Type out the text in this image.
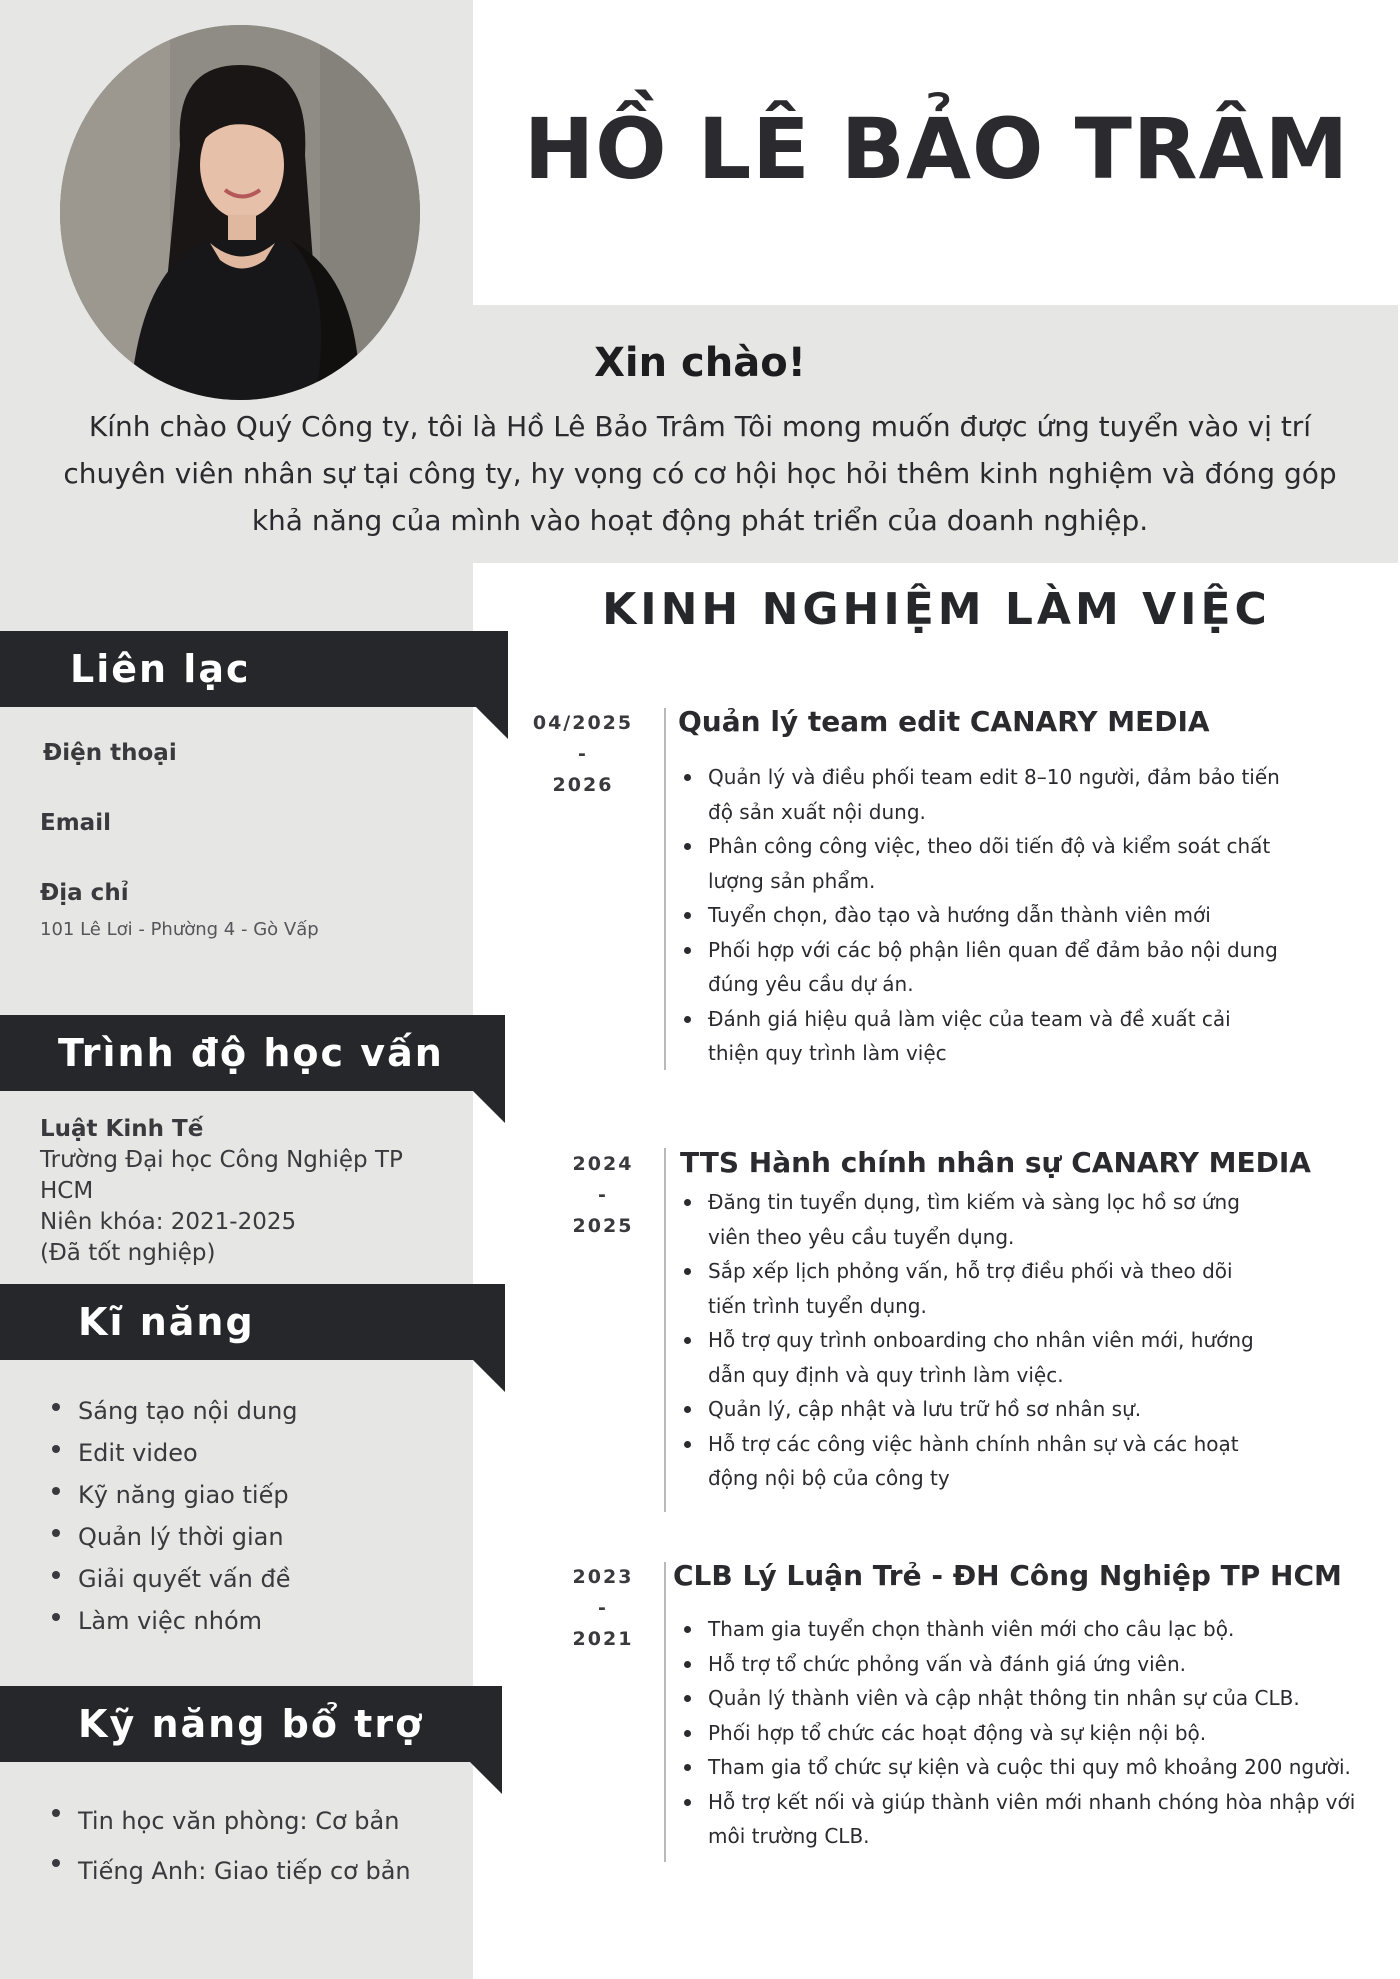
HỒ LÊ BẢO TRÂM
Xin chào!
Kính chào Quý Công ty, tôi là Hồ Lê Bảo Trâm Tôi mong muốn được ứng tuyển vào vị trí chuyên viên nhân sự tại công ty, hy vọng có cơ hội học hỏi thêm kinh nghiệm và đóng góp khả năng của mình vào hoạt động phát triển của doanh nghiệp.
Liên lạc
Điện thoại
Email
Địa chỉ
101 Lê Lơi - Phường 4 - Gò Vấp
Trình độ học vấn
Luật Kinh Tế
Trường Đại học Công Nghiệp TP HCM
Niên khóa: 2021-2025
(Đã tốt nghiệp)
Kĩ năng
Sáng tạo nội dung
Edit video
Kỹ năng giao tiếp
Quản lý thời gian
Giải quyết vấn đề
Làm việc nhóm
Kỹ năng bổ trợ
Tin học văn phòng: Cơ bản
Tiếng Anh: Giao tiếp cơ bản
KINH NGHIỆM LÀM VIỆC
04/2025
-
2026
Quản lý team edit CANARY MEDIA
Quản lý và điều phối team edit 8–10 người, đảm bảo tiến độ sản xuất nội dung.
Phân công công việc, theo dõi tiến độ và kiểm soát chất lượng sản phẩm.
Tuyển chọn, đào tạo và hướng dẫn thành viên mới
Phối hợp với các bộ phận liên quan để đảm bảo nội dung đúng yêu cầu dự án.
Đánh giá hiệu quả làm việc của team và đề xuất cải thiện quy trình làm việc
2024
-
2025
TTS Hành chính nhân sự CANARY MEDIA
Đăng tin tuyển dụng, tìm kiếm và sàng lọc hồ sơ ứng viên theo yêu cầu tuyển dụng.
Sắp xếp lịch phỏng vấn, hỗ trợ điều phối và theo dõi tiến trình tuyển dụng.
Hỗ trợ quy trình onboarding cho nhân viên mới, hướng dẫn quy định và quy trình làm việc.
Quản lý, cập nhật và lưu trữ hồ sơ nhân sự.
Hỗ trợ các công việc hành chính nhân sự và các hoạt động nội bộ của công ty
2023
-
2021
CLB Lý Luận Trẻ - ĐH Công Nghiệp TP HCM
Tham gia tuyển chọn thành viên mới cho câu lạc bộ.
Hỗ trợ tổ chức phỏng vấn và đánh giá ứng viên.
Quản lý thành viên và cập nhật thông tin nhân sự của CLB.
Phối hợp tổ chức các hoạt động và sự kiện nội bộ.
Tham gia tổ chức sự kiện và cuộc thi quy mô khoảng 200 người.
Hỗ trợ kết nối và giúp thành viên mới nhanh chóng hòa nhập với môi trường CLB.
